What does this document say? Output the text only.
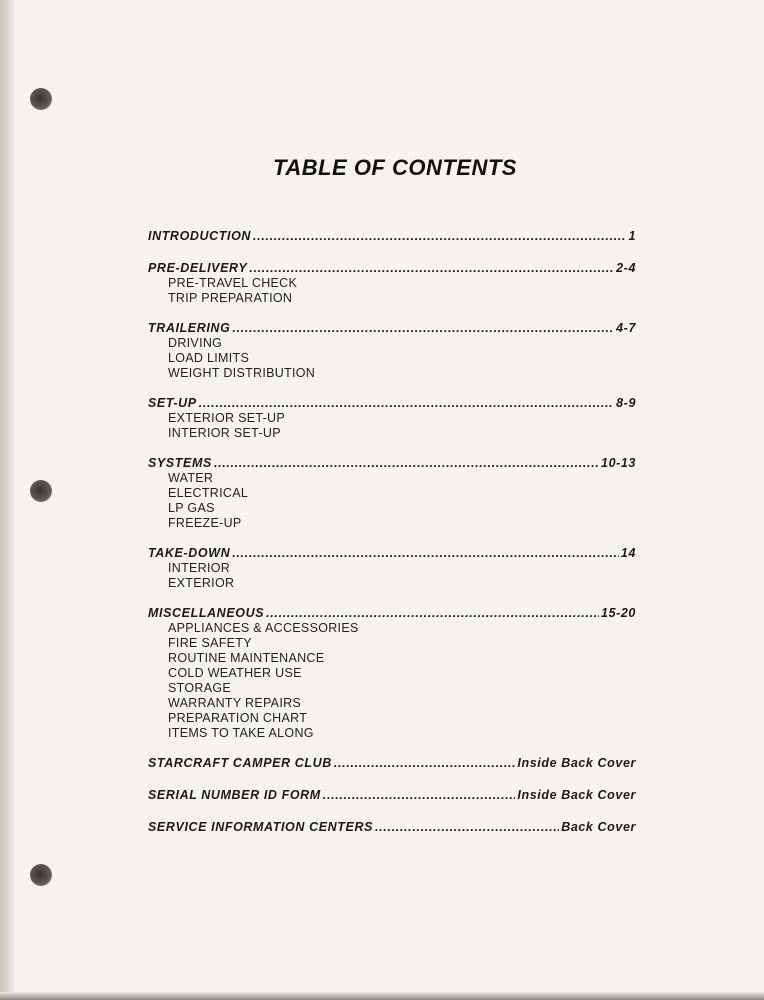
TABLE OF CONTENTS
INTRODUCTION . . .	1
PRE-DELIVERY . . .	2-4
PRE-TRAVEL CHECK
TRIP PREPARATION
TRAILERING . . .	4-7
DRIVING
LOAD LIMITS
WEIGHT DISTRIBUTION
SET-UP . . .	8-9
EXTERIOR SET-UP
INTERIOR SET-UP
SYSTEMS . . .	10-13
WATER
ELECTRICAL
LP GAS
FREEZE-UP
TAKE-DOWN . . .	14
INTERIOR
EXTERIOR
MISCELLANEOUS . . .	15-20
APPLIANCES & ACCESSORIES
FIRE SAFETY
ROUTINE MAINTENANCE
COLD WEATHER USE
STORAGE
WARRANTY REPAIRS
PREPARATION CHART
ITEMS TO TAKE ALONG
STARCRAFT CAMPER CLUB . . .	Inside Back Cover
SERIAL NUMBER ID FORM . . .	Inside Back Cover
SERVICE INFORMATION CENTERS . . .	Back Cover
